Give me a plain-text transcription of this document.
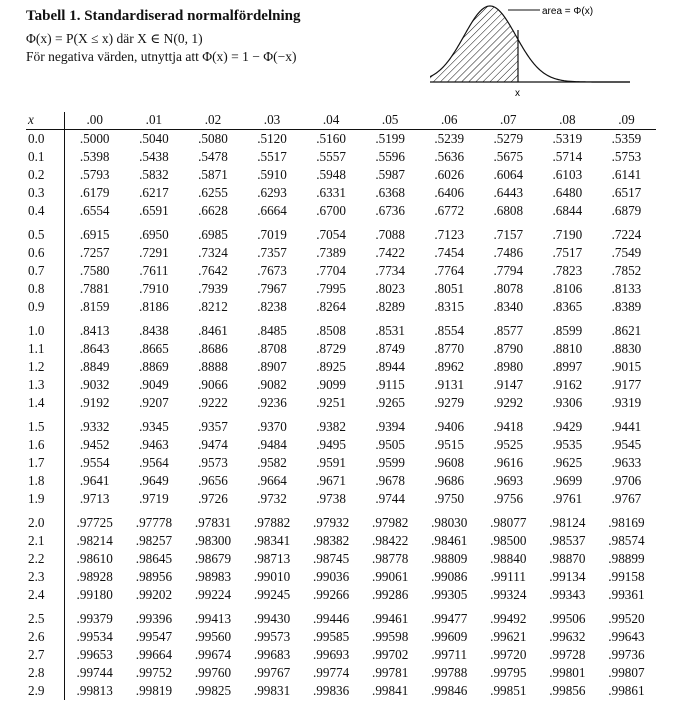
Tabell 1. Standardiserad normalfördelning

Φ(x) = P(X ≤ x) där X ∈ N(0, 1)

För negativa värden, utnyttja att Φ(x) = 1 − Φ(−x)

area = Φ(x)
x
x	.00	.01	.02	.03	.04	.05	.06	.07	.08	.09
0.0	.5000	.5040	.5080	.5120	.5160	.5199	.5239	.5279	.5319	.5359
0.1	.5398	.5438	.5478	.5517	.5557	.5596	.5636	.5675	.5714	.5753
0.2	.5793	.5832	.5871	.5910	.5948	.5987	.6026	.6064	.6103	.6141
0.3	.6179	.6217	.6255	.6293	.6331	.6368	.6406	.6443	.6480	.6517
0.4	.6554	.6591	.6628	.6664	.6700	.6736	.6772	.6808	.6844	.6879

0.5	.6915	.6950	.6985	.7019	.7054	.7088	.7123	.7157	.7190	.7224
0.6	.7257	.7291	.7324	.7357	.7389	.7422	.7454	.7486	.7517	.7549
0.7	.7580	.7611	.7642	.7673	.7704	.7734	.7764	.7794	.7823	.7852
0.8	.7881	.7910	.7939	.7967	.7995	.8023	.8051	.8078	.8106	.8133
0.9	.8159	.8186	.8212	.8238	.8264	.8289	.8315	.8340	.8365	.8389

1.0	.8413	.8438	.8461	.8485	.8508	.8531	.8554	.8577	.8599	.8621
1.1	.8643	.8665	.8686	.8708	.8729	.8749	.8770	.8790	.8810	.8830
1.2	.8849	.8869	.8888	.8907	.8925	.8944	.8962	.8980	.8997	.9015
1.3	.9032	.9049	.9066	.9082	.9099	.9115	.9131	.9147	.9162	.9177
1.4	.9192	.9207	.9222	.9236	.9251	.9265	.9279	.9292	.9306	.9319

1.5	.9332	.9345	.9357	.9370	.9382	.9394	.9406	.9418	.9429	.9441
1.6	.9452	.9463	.9474	.9484	.9495	.9505	.9515	.9525	.9535	.9545
1.7	.9554	.9564	.9573	.9582	.9591	.9599	.9608	.9616	.9625	.9633
1.8	.9641	.9649	.9656	.9664	.9671	.9678	.9686	.9693	.9699	.9706
1.9	.9713	.9719	.9726	.9732	.9738	.9744	.9750	.9756	.9761	.9767

2.0	.97725	.97778	.97831	.97882	.97932	.97982	.98030	.98077	.98124	.98169
2.1	.98214	.98257	.98300	.98341	.98382	.98422	.98461	.98500	.98537	.98574
2.2	.98610	.98645	.98679	.98713	.98745	.98778	.98809	.98840	.98870	.98899
2.3	.98928	.98956	.98983	.99010	.99036	.99061	.99086	.99111	.99134	.99158
2.4	.99180	.99202	.99224	.99245	.99266	.99286	.99305	.99324	.99343	.99361

2.5	.99379	.99396	.99413	.99430	.99446	.99461	.99477	.99492	.99506	.99520
2.6	.99534	.99547	.99560	.99573	.99585	.99598	.99609	.99621	.99632	.99643
2.7	.99653	.99664	.99674	.99683	.99693	.99702	.99711	.99720	.99728	.99736
2.8	.99744	.99752	.99760	.99767	.99774	.99781	.99788	.99795	.99801	.99807
2.9	.99813	.99819	.99825	.99831	.99836	.99841	.99846	.99851	.99856	.99861
